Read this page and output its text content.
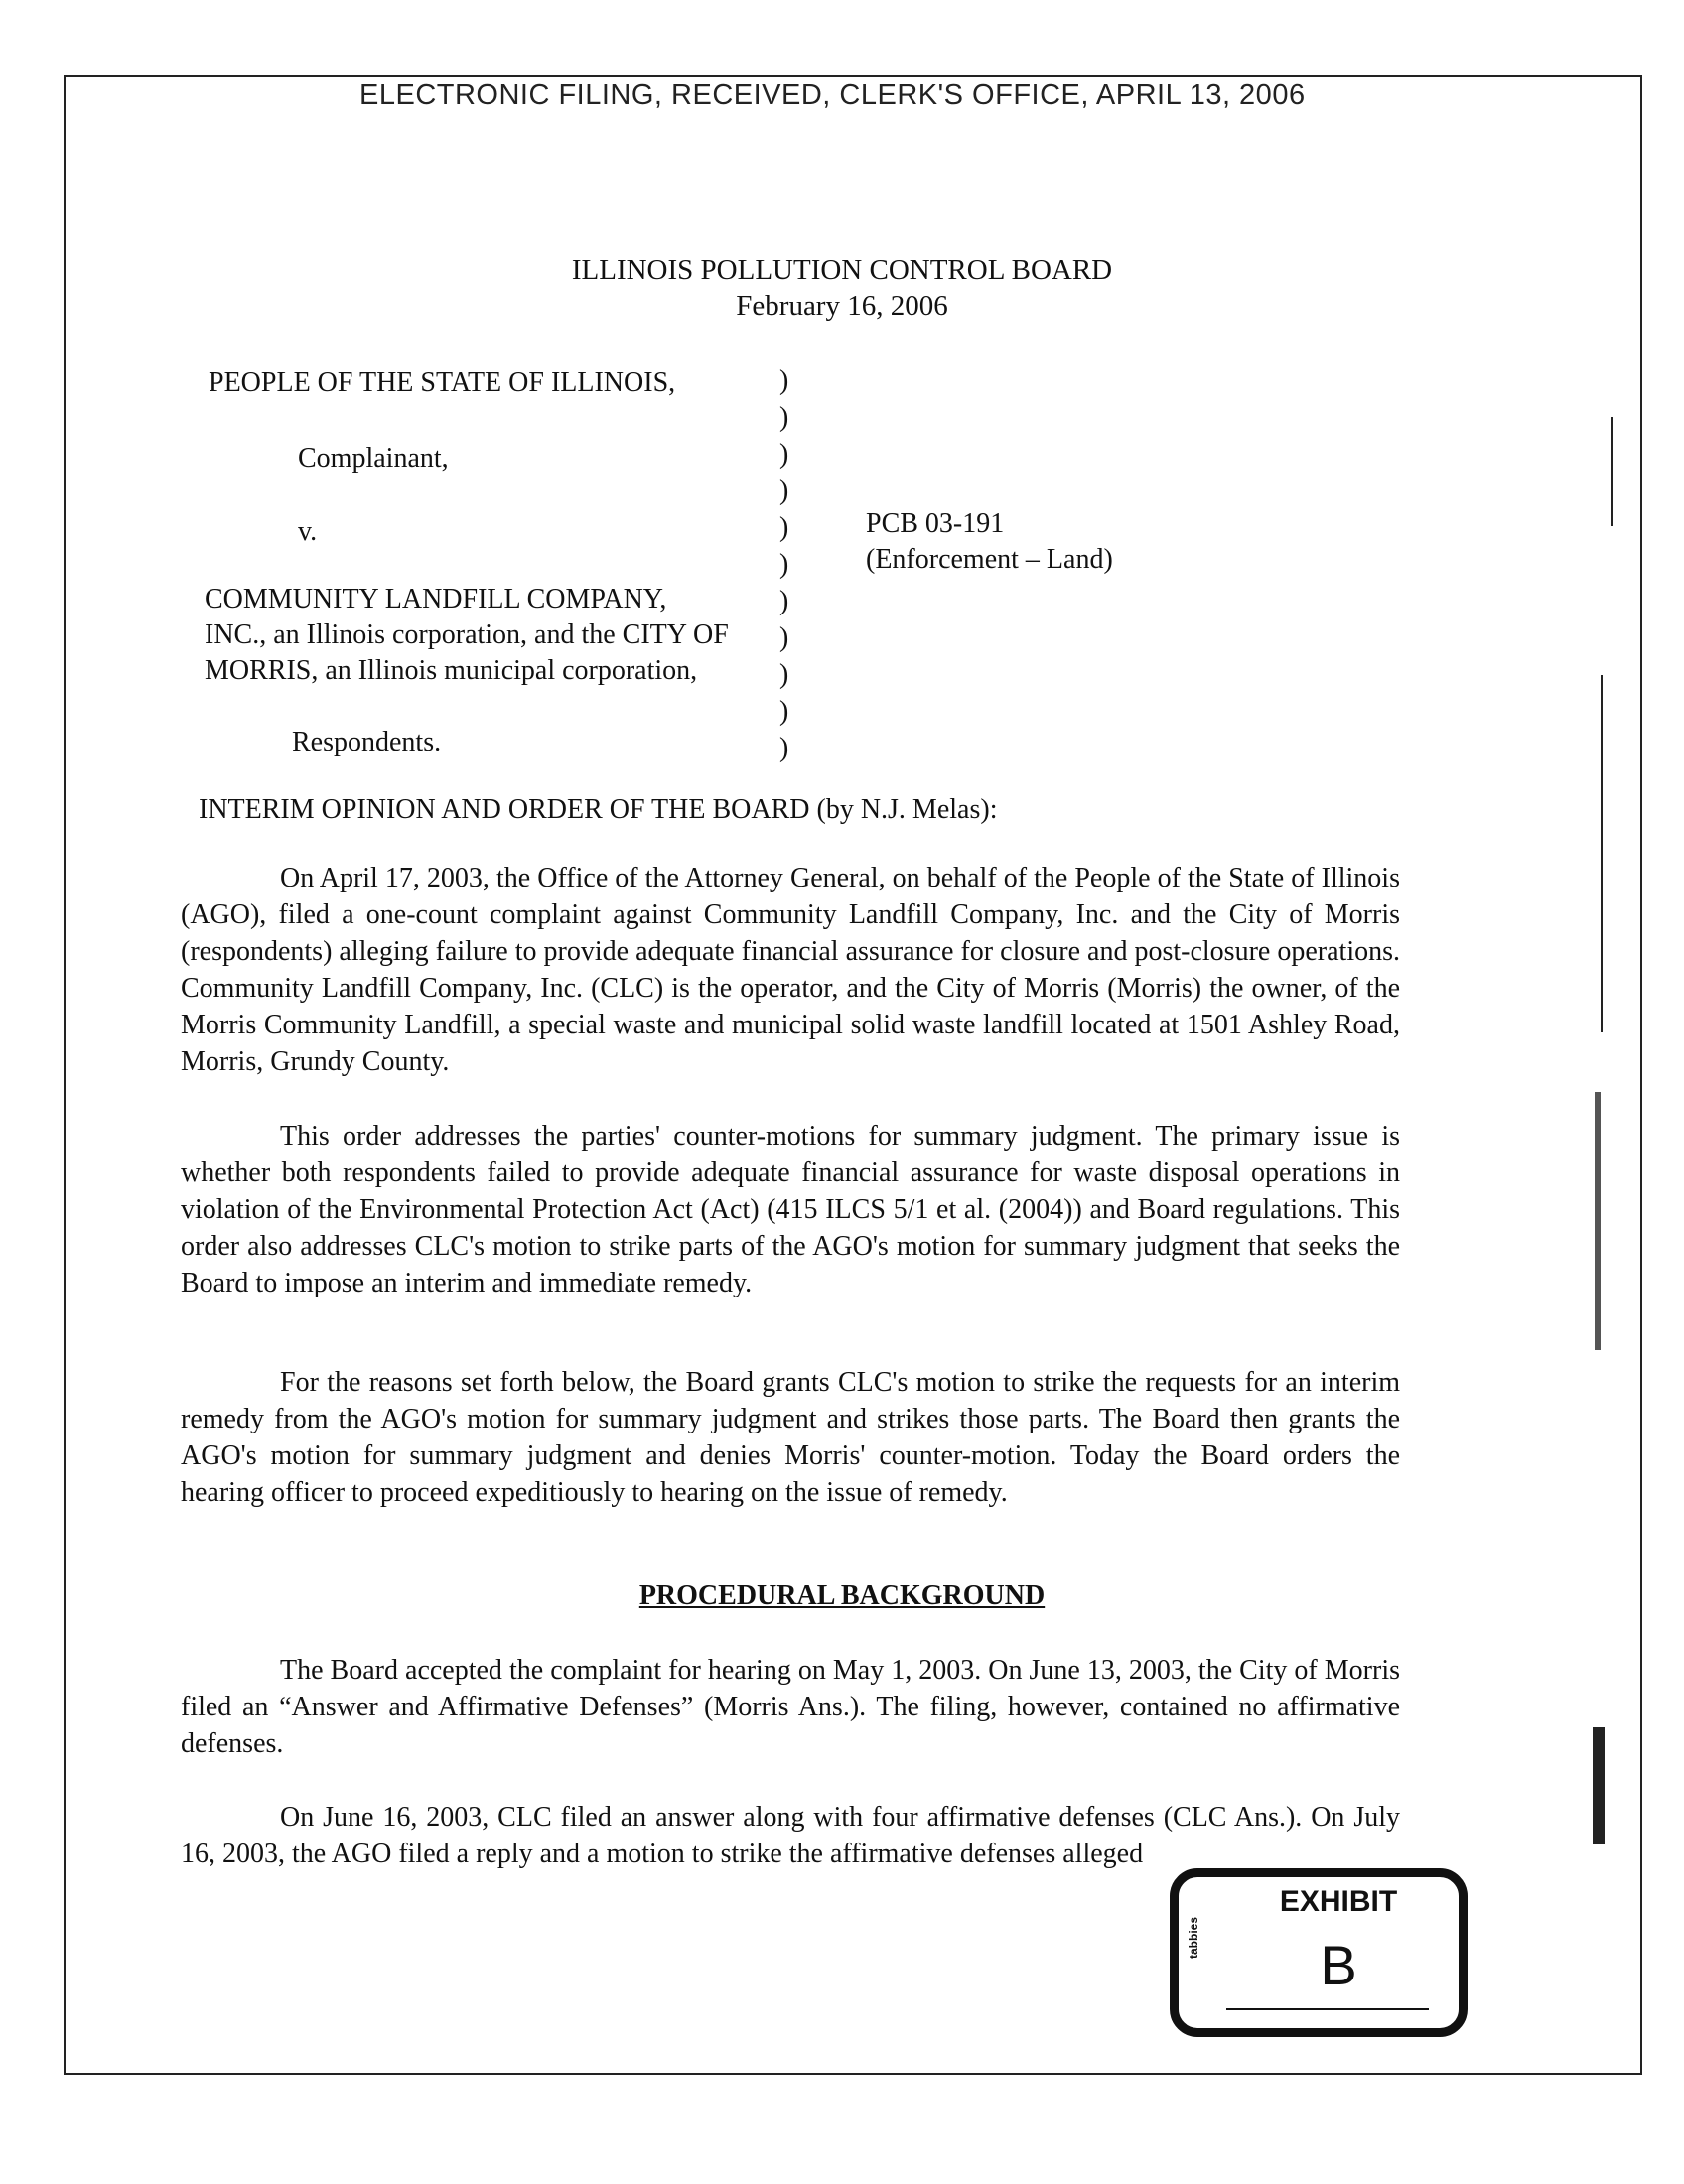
ELECTRONIC FILING, RECEIVED, CLERK'S OFFICE, APRIL 13, 2006
ILLINOIS POLLUTION CONTROL BOARD
February 16, 2006
PEOPLE OF THE STATE OF ILLINOIS,
Complainant,
v.	PCB 03-191
(Enforcement – Land)
COMMUNITY LANDFILL COMPANY,
INC., an Illinois corporation, and the CITY OF
MORRIS, an Illinois municipal corporation,
Respondents.
)
)
)
)
)
)
)
)
)
)
)
INTERIM OPINION AND ORDER OF THE BOARD (by N.J. Melas):

On April 17, 2003, the Office of the Attorney General, on behalf of the People of the State of Illinois (AGO), filed a one-count complaint against Community Landfill Company, Inc. and the City of Morris (respondents) alleging failure to provide adequate financial assurance for closure and post-closure operations. Community Landfill Company, Inc. (CLC) is the operator, and the City of Morris (Morris) the owner, of the Morris Community Landfill, a special waste and municipal solid waste landfill located at 1501 Ashley Road, Morris, Grundy County.

This order addresses the parties' counter-motions for summary judgment. The primary issue is whether both respondents failed to provide adequate financial assurance for waste disposal operations in violation of the Environmental Protection Act (Act) (415 ILCS 5/1 et al. (2004)) and Board regulations. This order also addresses CLC's motion to strike parts of the AGO's motion for summary judgment that seeks the Board to impose an interim and immediate remedy.

For the reasons set forth below, the Board grants CLC's motion to strike the requests for an interim remedy from the AGO's motion for summary judgment and strikes those parts. The Board then grants the AGO's motion for summary judgment and denies Morris' counter-motion. Today the Board orders the hearing officer to proceed expeditiously to hearing on the issue of remedy.

PROCEDURAL BACKGROUND

The Board accepted the complaint for hearing on May 1, 2003. On June 13, 2003, the City of Morris filed an “Answer and Affirmative Defenses” (Morris Ans.). The filing, however, contained no affirmative defenses.

On June 16, 2003, CLC filed an answer along with four affirmative defenses (CLC Ans.). On July 16, 2003, the AGO filed a reply and a motion to strike the affirmative defenses alleged

tabbies
EXHIBIT
B
